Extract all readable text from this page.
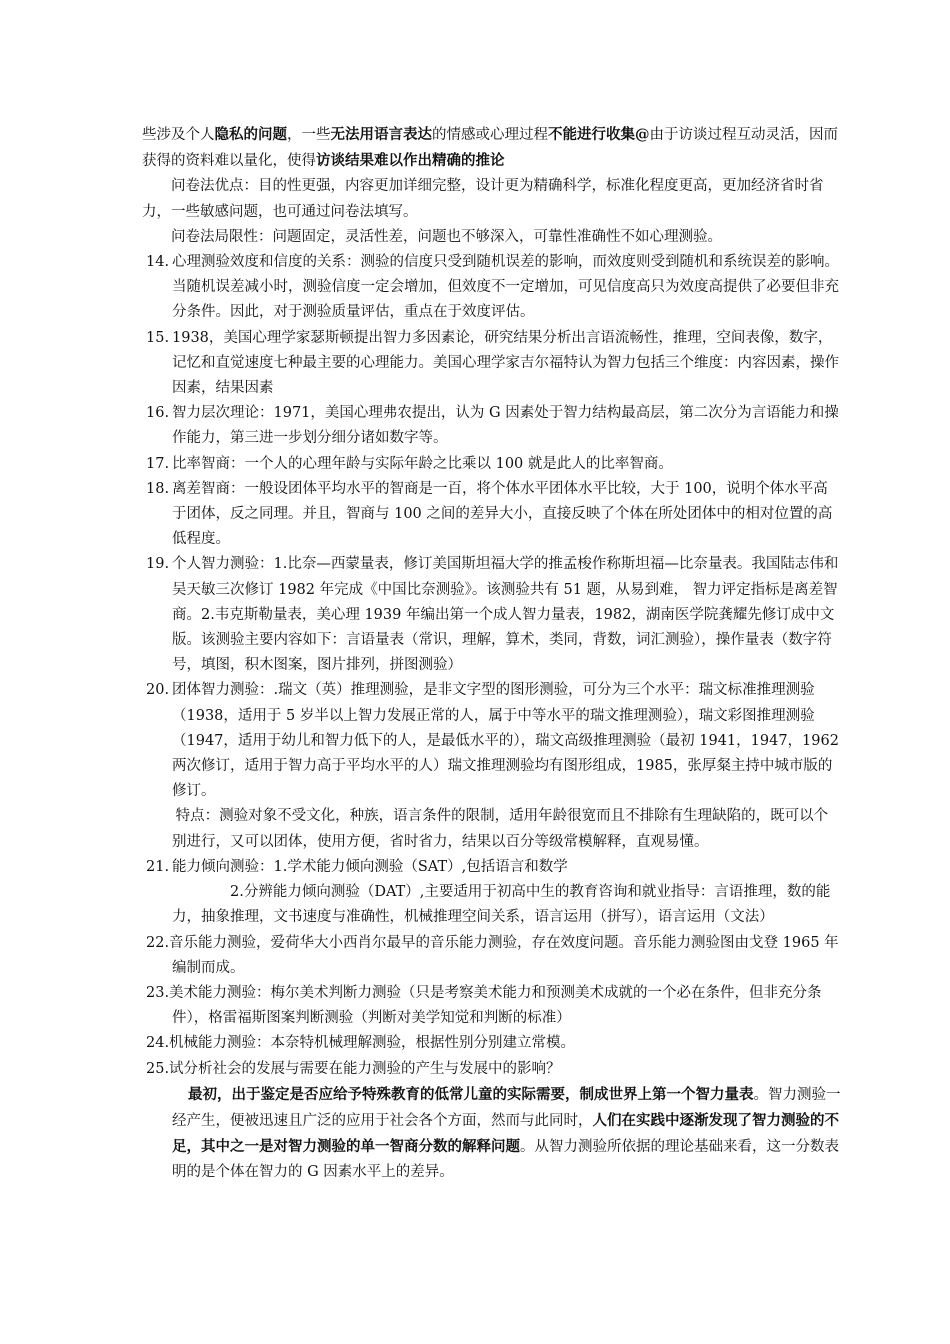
些涉及个人隐私的问题，一些无法用语言表达的情感或心理过程不能进行收集@由于访谈过程互动灵活，因而获得的资料难以量化，使得访谈结果难以作出精确的推论

问卷法优点：目的性更强，内容更加详细完整，设计更为精确科学，标准化程度更高，更加经济省时省力，一些敏感问题，也可通过问卷法填写。

问卷法局限性：问题固定，灵活性差，问题也不够深入，可靠性准确性不如心理测验。

14. 心理测验效度和信度的关系：测验的信度只受到随机误差的影响，而效度则受到随机和系统误差的影响。当随机误差减小时，测验信度一定会增加，但效度不一定增加，可见信度高只为效度高提供了必要但非充分条件。因此，对于测验质量评估，重点在于效度评估。
15. 1938，美国心理学家瑟斯顿提出智力多因素论，研究结果分析出言语流畅性，推理，空间表像，数字，记忆和直觉速度七种最主要的心理能力。美国心理学家吉尔福特认为智力包括三个维度：内容因素，操作因素，结果因素
16. 智力层次理论：1971，美国心理弗农提出，认为 G 因素处于智力结构最高层，第二次分为言语能力和操作能力，第三进一步划分细分诸如数字等。
17. 比率智商：一个人的心理年龄与实际年龄之比乘以 100 就是此人的比率智商。
18. 离差智商：一般设团体平均水平的智商是一百，将个体水平团体水平比较，大于 100，说明个体水平高于团体，反之同理。并且，智商与 100 之间的差异大小，直接反映了个体在所处团体中的相对位置的高低程度。
19. 个人智力测验：1.比奈—西蒙量表，修订美国斯坦福大学的推孟梭作称斯坦福—比奈量表。我国陆志伟和吴天敏三次修订 1982 年完成《中国比奈测验》。该测验共有 51 题，从易到难， 智力评定指标是离差智商。2.韦克斯勒量表，美心理 1939 年编出第一个成人智力量表，1982，湖南医学院龚耀先修订成中文版。该测验主要内容如下：言语量表（常识，理解，算术，类同，背数，词汇测验），操作量表（数字符号，填图，积木图案，图片排列，拼图测验）
20. 团体智力测验：.瑞文（英）推理测验，是非文字型的图形测验，可分为三个水平：瑞文标准推理测验（1938，适用于 5 岁半以上智力发展正常的人，属于中等水平的瑞文推理测验），瑞文彩图推理测验（1947，适用于幼儿和智力低下的人，是最低水平的），瑞文高级推理测验（最初 1941，1947，1962 两次修订，适用于智力高于平均水平的人）瑞文推理测验均有图形组成，1985，张厚粲主持中城市版的修订。

特点：测验对象不受文化，种族，语言条件的限制，适用年龄很宽而且不排除有生理缺陷的，既可以个别进行，又可以团体，使用方便，省时省力，结果以百分等级常模解释，直观易懂。

21. 能力倾向测验：1.学术能力倾向测验（SAT）,包括语言和数学

2.分辨能力倾向测验（DAT）,主要适用于初高中生的教育咨询和就业指导：言语推理，数的能力，抽象推理，文书速度与准确性，机械推理空间关系，语言运用（拼写），语言运用（文法）

22.音乐能力测验，爱荷华大小西肖尔最早的音乐能力测验，存在效度问题。音乐能力测验图由戈登 1965 年编制而成。

23.美术能力测验：梅尔美术判断力测验（只是考察美术能力和预测美术成就的一个必在条件，但非充分条件），格雷福斯图案判断测验（判断对美学知觉和判断的标准）

24.机械能力测验：本奈特机械理解测验，根据性别分别建立常模。

25.试分析社会的发展与需要在能力测验的产生与发展中的影响？

最初，出于鉴定是否应给予特殊教育的低常儿童的实际需要，制成世界上第一个智力量表。智力测验一经产生，便被迅速且广泛的应用于社会各个方面，然而与此同时，人们在实践中逐渐发现了智力测验的不足，其中之一是对智力测验的单一智商分数的解释问题。从智力测验所依据的理论基础来看，这一分数表明的是个体在智力的 G 因素水平上的差异。
